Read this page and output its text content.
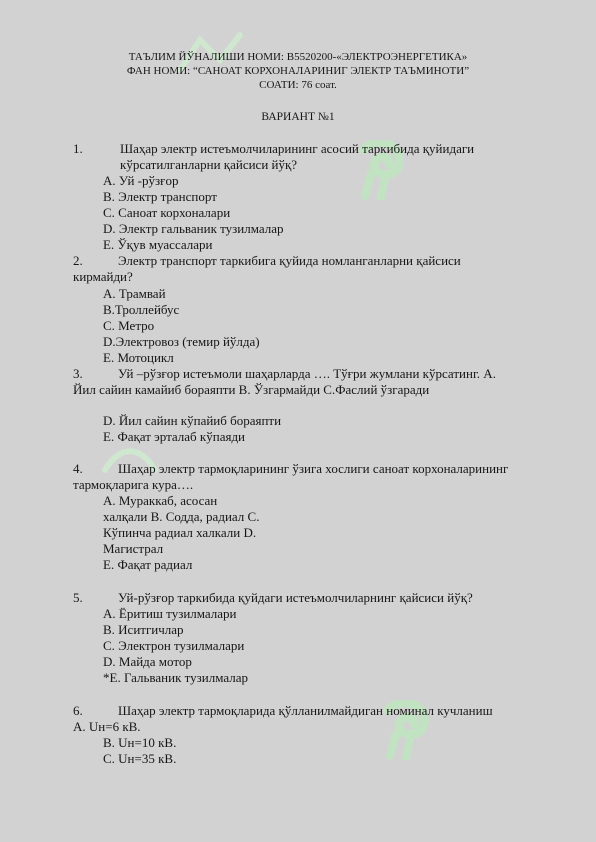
ТАЪЛИМ ЙЎНАЛИШИ НОМИ: В5520200-«ЭЛЕКТРОЭНЕРГЕТИКА»
ФАН НОМИ: “САНОАТ КОРХОНАЛАРИНИГ ЭЛЕКТР ТАЪМИНОТИ”
СОАТИ: 76 соат.
ВАРИАНТ №1
1.	Шаҳар электр истеъмолчиларининг асосий таркибида қуйидаги
кўрсатилганларни қайсиси йўқ?
A. Уй -рўзғор
B. Электр транспорт
C. Саноат корхоналари
D. Электр гальваник тузилмалар
E. Ўқув муассалари
2.	Электр транспорт таркибига қуйида номланганларни қайсиси
кирмайди?
A. Трамвай
B.Троллейбус
C. Метро
D.Электровоз (темир йўлда)
E. Мотоцикл
3.	Уй –рўзғор истеъмоли шаҳарларда …. Тўғри жумлани кўрсатинг. А.
Йил сайин камайиб бораяпти В. Ўзгармайди С.Фаслий ўзгаради
D. Йил сайин кўпайиб бораяпти
E. Фақат эрталаб кўпаяди
4.	Шаҳар электр тармоқларининг ўзига хослиги саноат корхоналарининг
тармоқларига кура….
A. Мураккаб, асосан
халқали B. Содда, радиал C.
Кўпинча радиал халкали D.
Магистрал
E. Фақат радиал
5.	Уй-рўзғор таркибида қуйдаги истеъмолчиларнинг қайсиси йўқ?
A. Ёритиш тузилмалари
B. Иситгичлар
C. Электрон тузилмалари
D. Майда мотор
*E. Гальваник тузилмалар
6.	Шаҳар электр тармоқларида қўлланилмайдиган номинал кучланиш
A. Uн=6 кВ.
B. Uн=10 кВ.
C. Uн=35 кВ.
